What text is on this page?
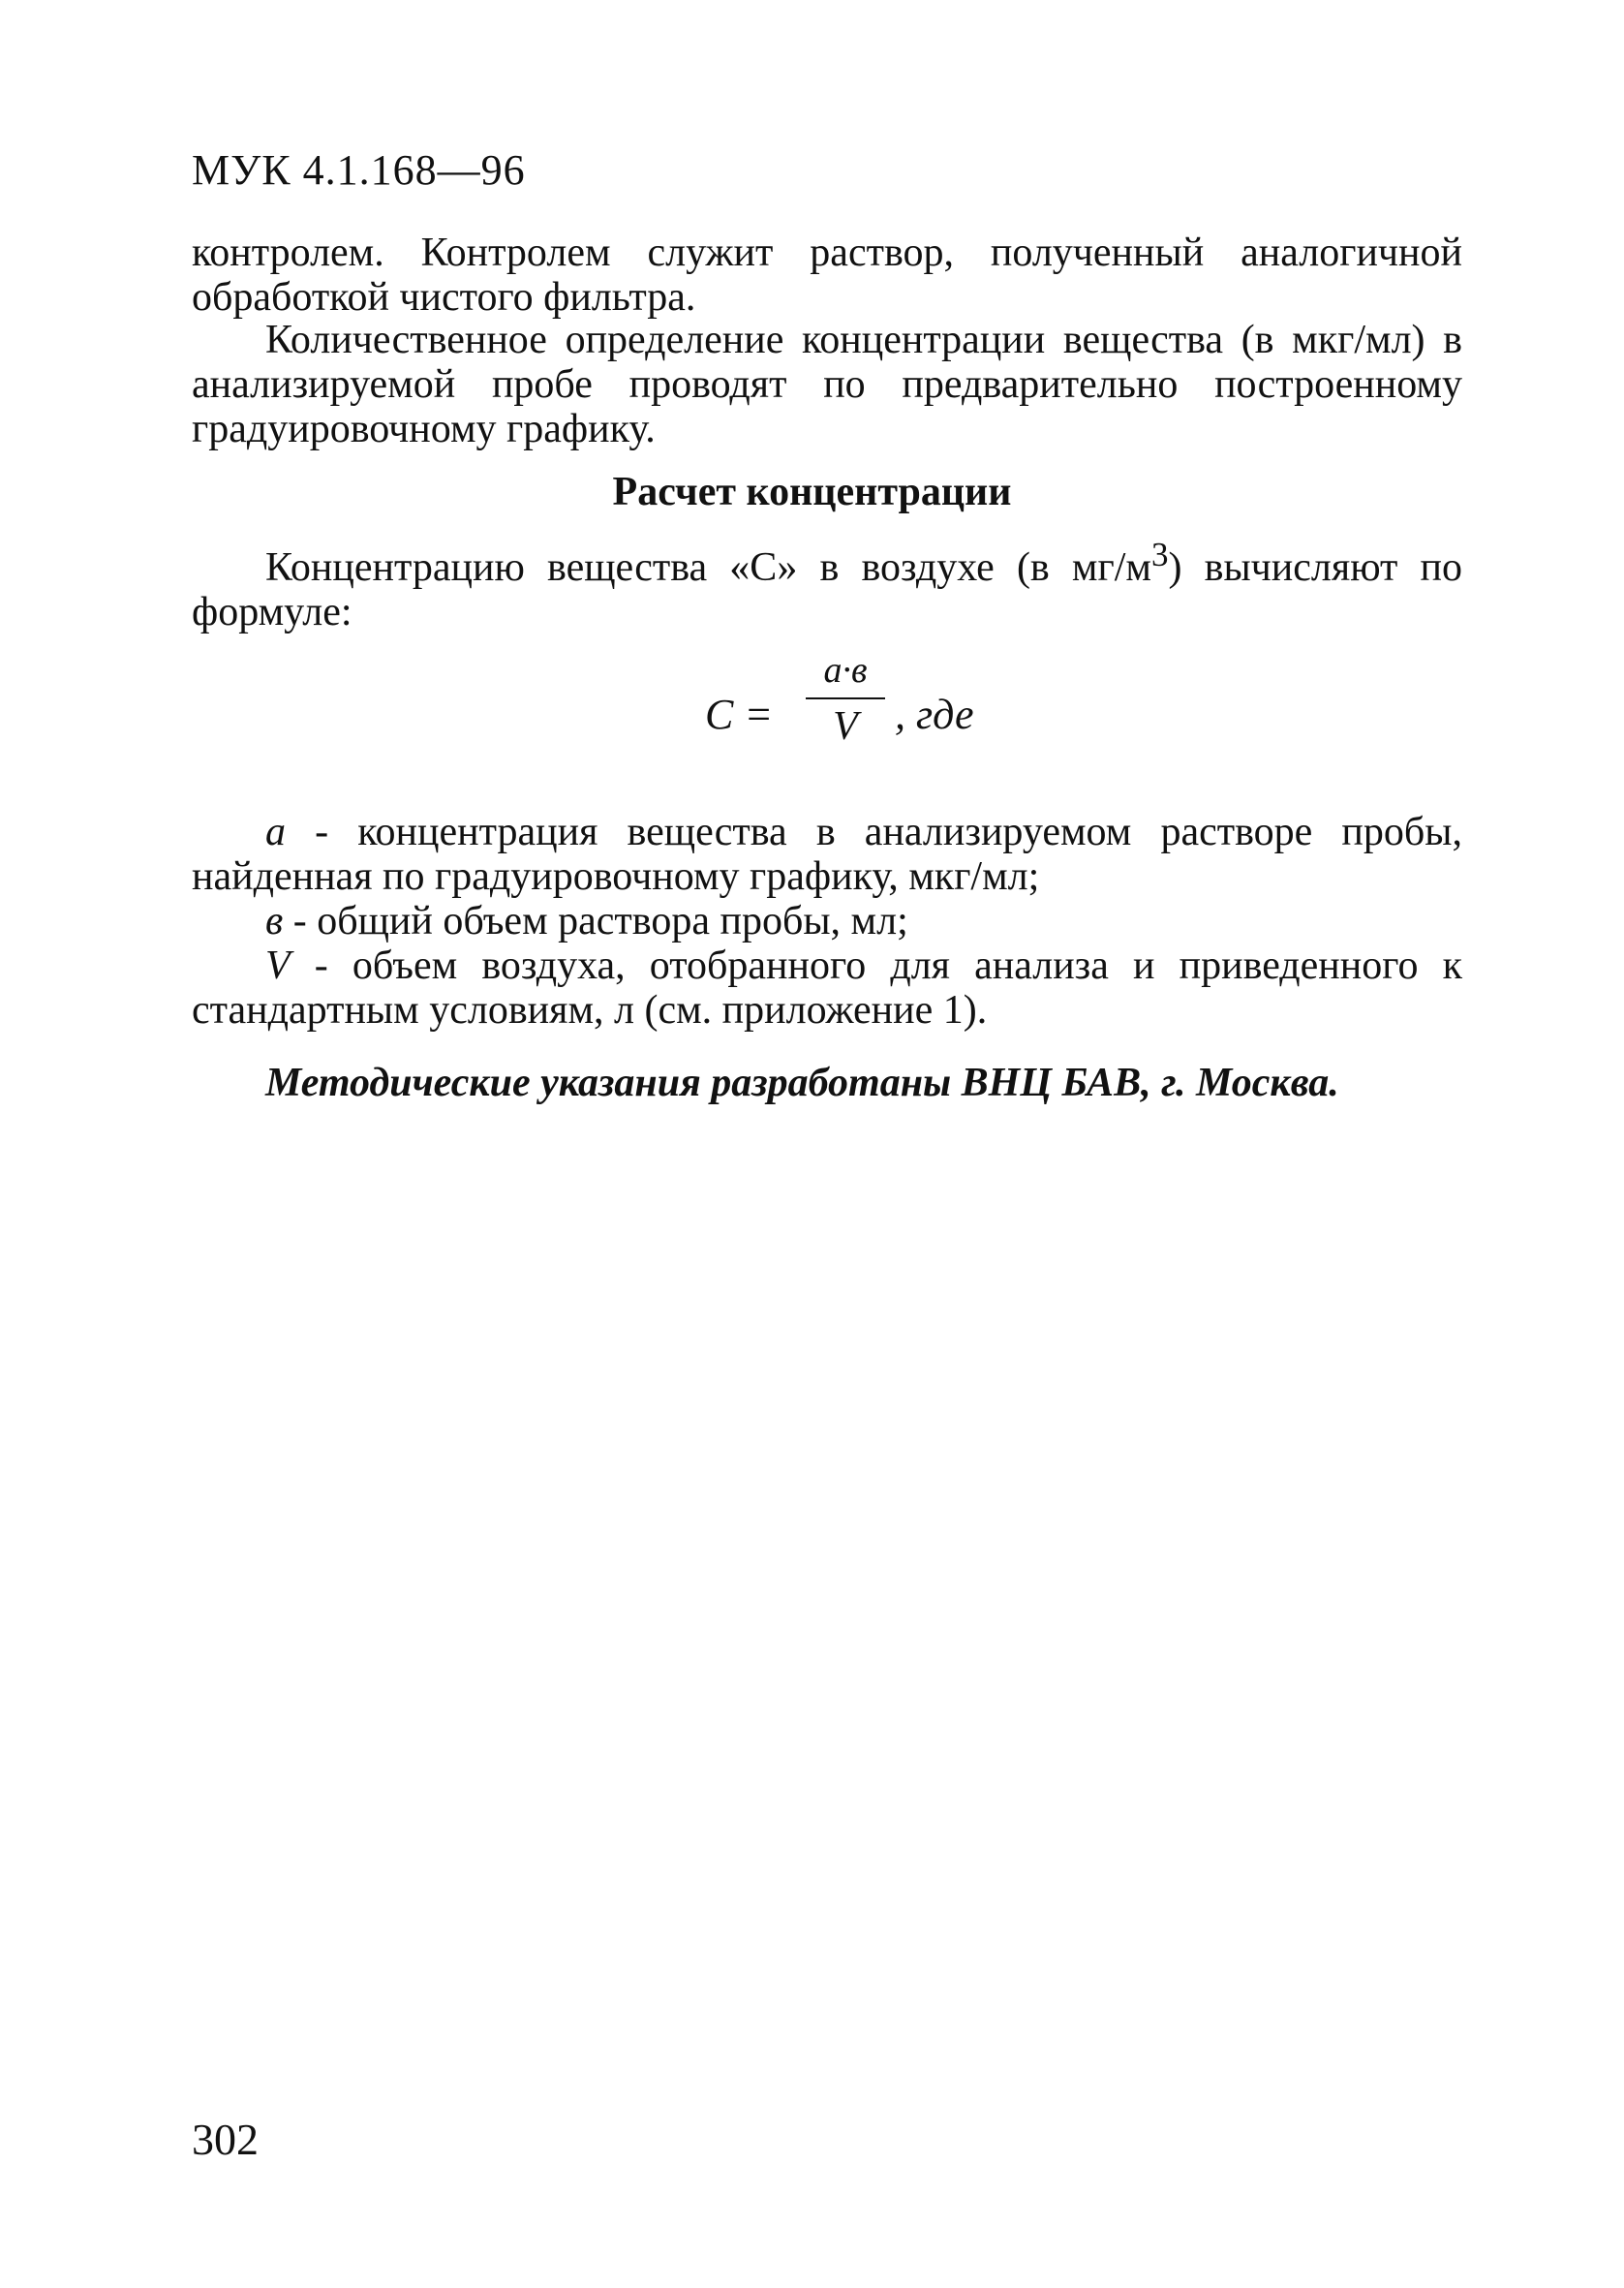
МУК 4.1.168—96

контролем. Контролем служит раствор, полученный аналогичной обработкой чистого фильтра.

Количественное определение концентрации вещества (в мкг/мл) в анализируемой пробе проводят по предварительно построенному градуировочному графику.

Расчет концентрации

Концентрацию вещества «С» в воздухе (в $мг/м^3$) вычисляют по формуле:

C =
a·в
V , где

a - концентрация вещества в анализируемом растворе пробы, найденная по градуировочному графику, мкг/мл;

в - общий объем раствора пробы, мл;

V - объем воздуха, отобранного для анализа и приведенного к стандартным условиям, л (см. приложение 1).

Методические указания разработаны ВНЦ БАВ, г. Москва.
302
